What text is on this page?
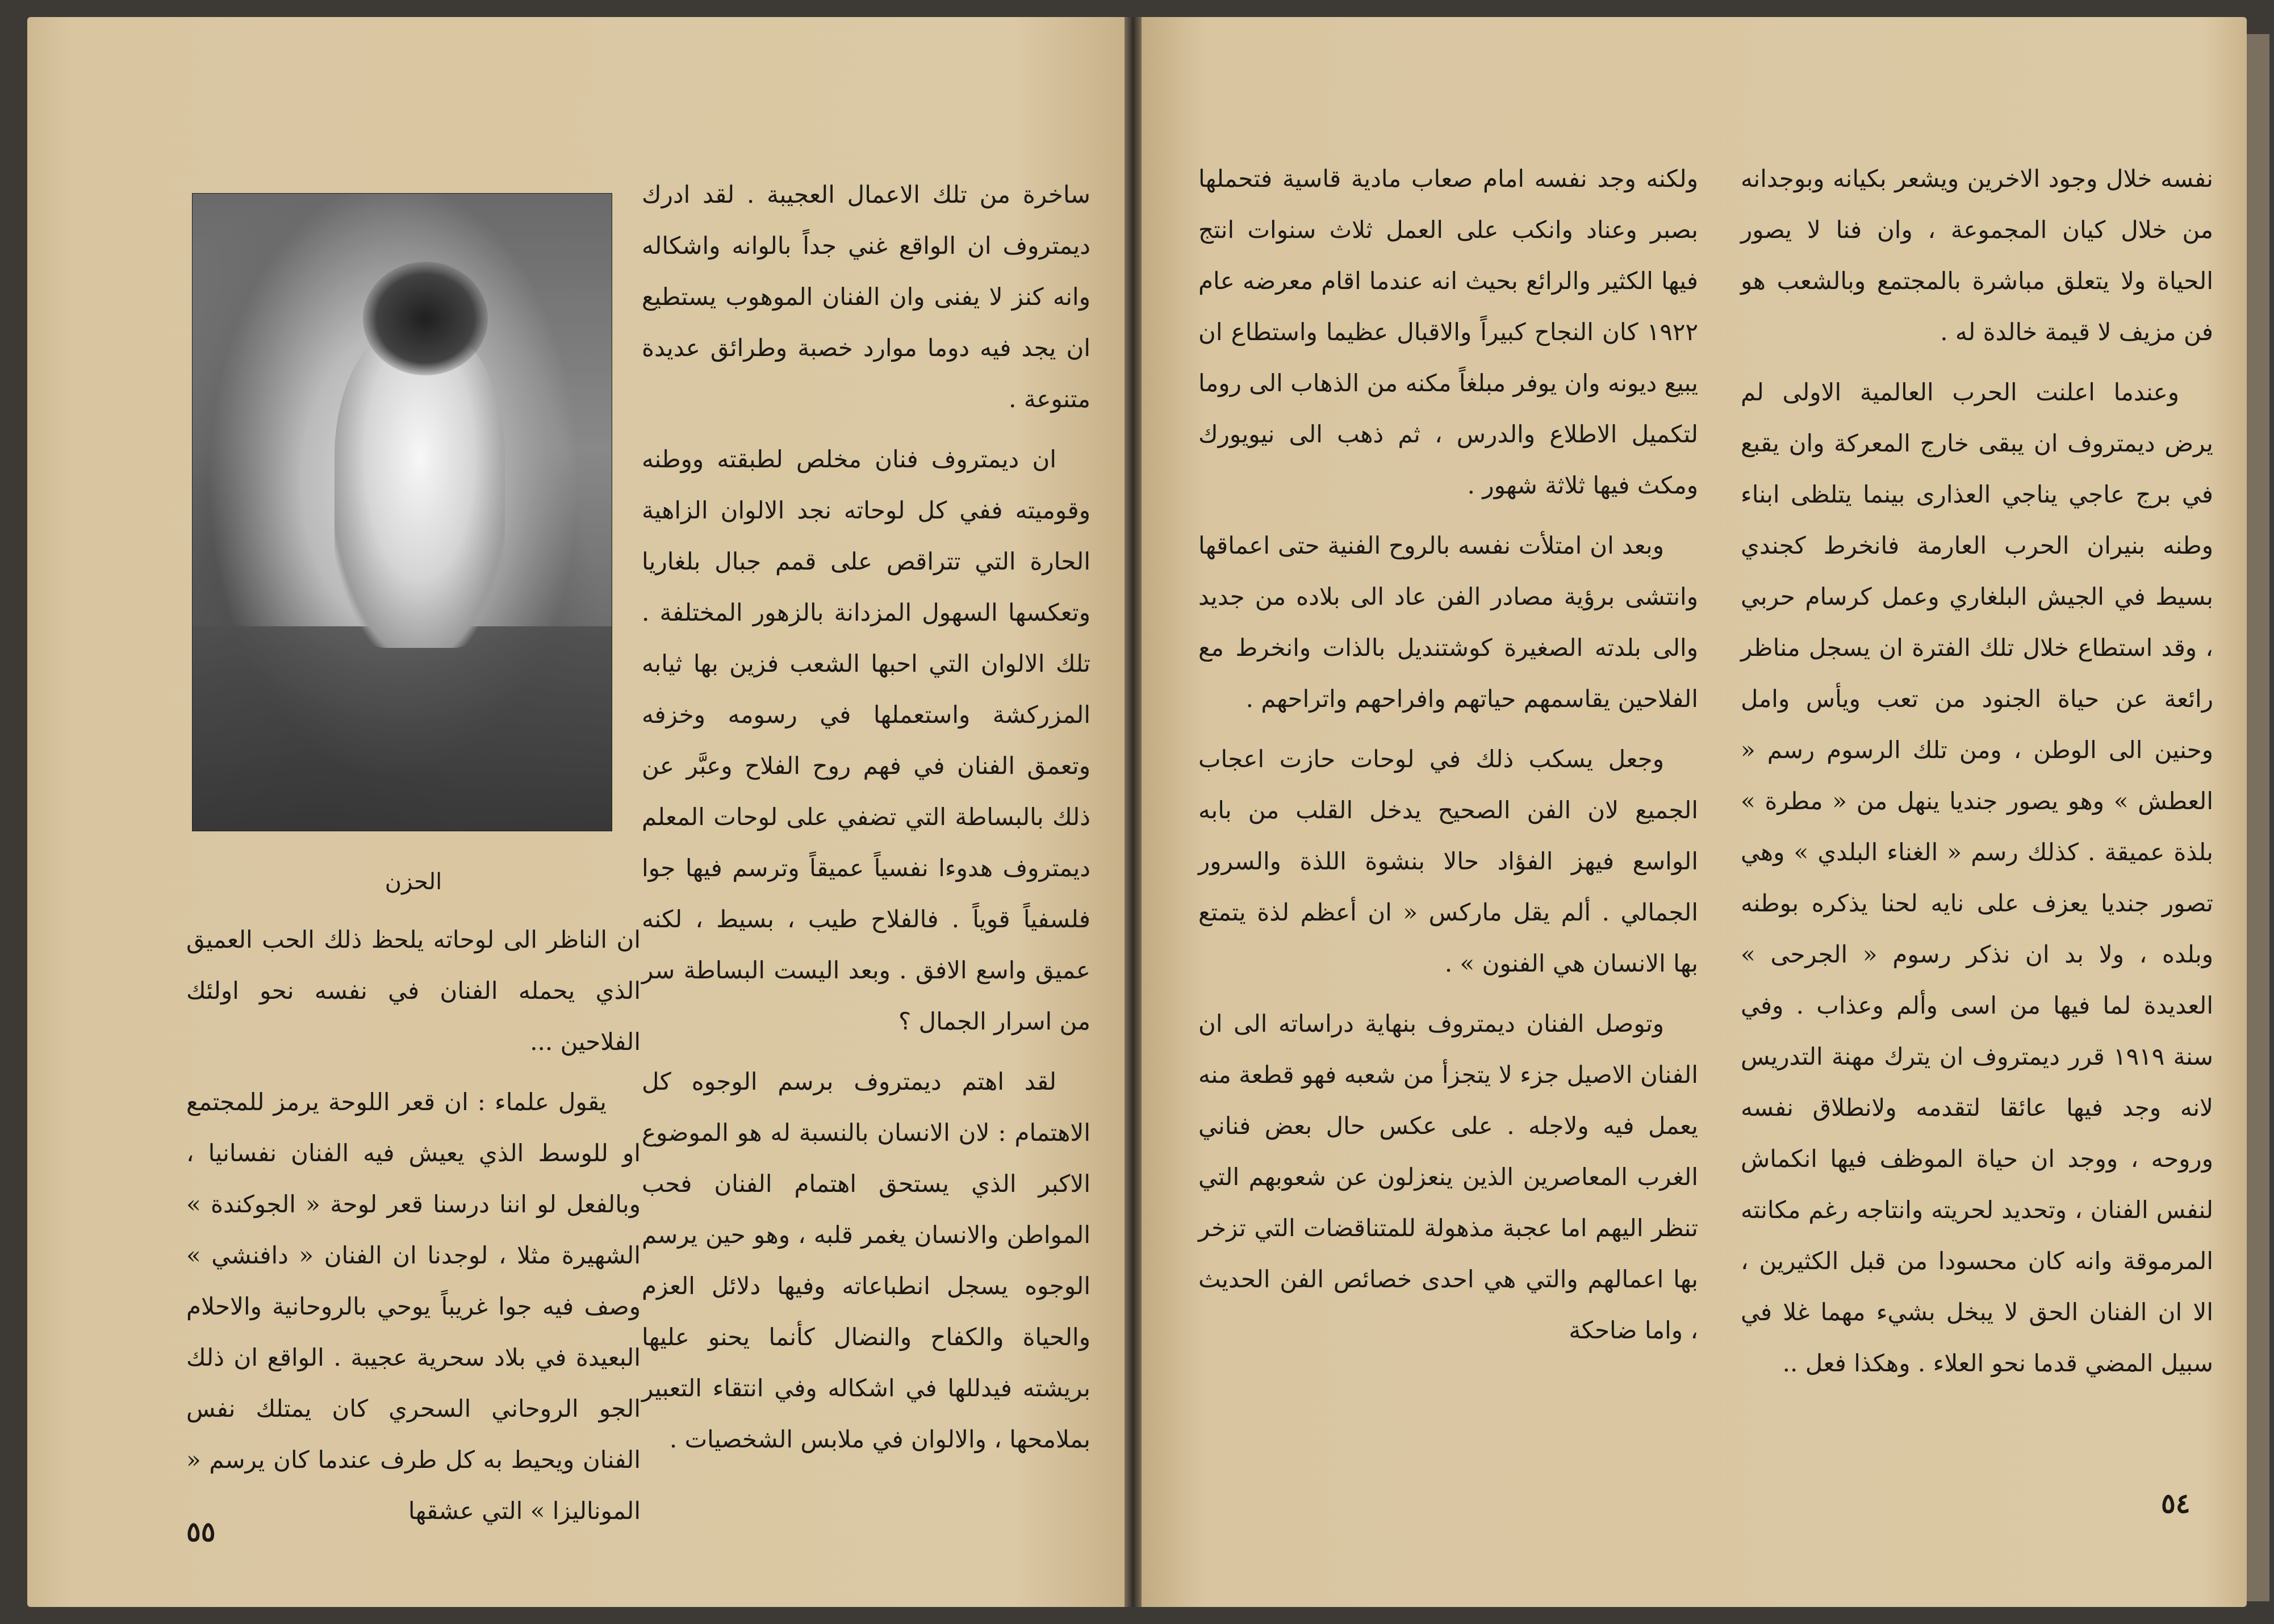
ساخرة من تلك الاعمال العجيبة . لقد ادرك ديمتروف ان الواقع غني جداً بالوانه واشكاله وانه كنز لا يفنى وان الفنان الموهوب يستطيع ان يجد فيه دوما موارد خصبة وطرائق عديدة متنوعة .

ان ديمتروف فنان مخلص لطبقته ووطنه وقوميته ففي كل لوحاته نجد الالوان الزاهية الحارة التي تتراقص على قمم جبال بلغاريا وتعكسها السهول المزدانة بالزهور المختلفة . تلك الالوان التي احبها الشعب فزين بها ثيابه المزركشة واستعملها في رسومه وخزفه وتعمق الفنان في فهم روح الفلاح وعبَّر عن ذلك بالبساطة التي تضفي على لوحات المعلم ديمتروف هدوءا نفسياً عميقاً وترسم فيها جوا فلسفياً قوياً . فالفلاح طيب ، بسيط ، لكنه عميق واسع الافق . وبعد اليست البساطة سر من اسرار الجمال ؟

لقد اهتم ديمتروف برسم الوجوه كل الاهتمام : لان الانسان بالنسبة له هو الموضوع الاكبر الذي يستحق اهتمام الفنان فحب المواطن والانسان يغمر قلبه ، وهو حين يرسم الوجوه يسجل انطباعاته وفيها دلائل العزم والحياة والكفاح والنضال كأنما يحنو عليها بريشته فيدللها في اشكاله وفي انتقاء التعبير بملامحها ، والالوان في ملابس الشخصيات .

الحزن

ان الناظر الى لوحاته يلحظ ذلك الحب العميق الذي يحمله الفنان في نفسه نحو اولئك الفلاحين ...

يقول علماء : ان قعر اللوحة يرمز للمجتمع او للوسط الذي يعيش فيه الفنان نفسانيا ، وبالفعل لو اننا درسنا قعر لوحة « الجوكندة » الشهيرة مثلا ، لوجدنا ان الفنان « دافنشي » وصف فيه جوا غريباً يوحي بالروحانية والاحلام البعيدة في بلاد سحرية عجيبة . الواقع ان ذلك الجو الروحاني السحري كان يمتلك نفس الفنان ويحيط به كل طرف عندما كان يرسم « الموناليزا » التي عشقها

٥٥

نفسه خلال وجود الاخرين ويشعر بكيانه وبوجدانه من خلال كيان المجموعة ، وان فنا لا يصور الحياة ولا يتعلق مباشرة بالمجتمع وبالشعب هو فن مزيف لا قيمة خالدة له .

وعندما اعلنت الحرب العالمية الاولى لم يرض ديمتروف ان يبقى خارج المعركة وان يقبع في برج عاجي يناجي العذارى بينما يتلظى ابناء وطنه بنيران الحرب العارمة فانخرط كجندي بسيط في الجيش البلغاري وعمل كرسام حربي ، وقد استطاع خلال تلك الفترة ان يسجل مناظر رائعة عن حياة الجنود من تعب ويأس وامل وحنين الى الوطن ، ومن تلك الرسوم رسم « العطش » وهو يصور جنديا ينهل من « مطرة » بلذة عميقة . كذلك رسم « الغناء البلدي » وهي تصور جنديا يعزف على نايه لحنا يذكره بوطنه وبلده ، ولا بد ان نذكر رسوم « الجرحى » العديدة لما فيها من اسى وألم وعذاب . وفي سنة ١٩١٩ قرر ديمتروف ان يترك مهنة التدريس لانه وجد فيها عائقا لتقدمه ولانطلاق نفسه وروحه ، ووجد ان حياة الموظف فيها انكماش لنفس الفنان ، وتحديد لحريته وانتاجه رغم مكانته المرموقة وانه كان محسودا من قبل الكثيرين ، الا ان الفنان الحق لا يبخل بشيء مهما غلا في سبيل المضي قدما نحو العلاء . وهكذا فعل ..

ولكنه وجد نفسه امام صعاب مادية قاسية فتحملها بصبر وعناد وانكب على العمل ثلاث سنوات انتج فيها الكثير والرائع بحيث انه عندما اقام معرضه عام ١٩٢٢ كان النجاح كبيراً والاقبال عظيما واستطاع ان يبيع ديونه وان يوفر مبلغاً مكنه من الذهاب الى روما لتكميل الاطلاع والدرس ، ثم ذهب الى نيويورك ومكث فيها ثلاثة شهور .

وبعد ان امتلأت نفسه بالروح الفنية حتى اعماقها وانتشى برؤية مصادر الفن عاد الى بلاده من جديد والى بلدته الصغيرة كوشتنديل بالذات وانخرط مع الفلاحين يقاسمهم حياتهم وافراحهم واتراحهم .

وجعل يسكب ذلك في لوحات حازت اعجاب الجميع لان الفن الصحيح يدخل القلب من بابه الواسع فيهز الفؤاد حالا بنشوة اللذة والسرور الجمالي . ألم يقل ماركس « ان أعظم لذة يتمتع بها الانسان هي الفنون » .

وتوصل الفنان ديمتروف بنهاية دراساته الى ان الفنان الاصيل جزء لا يتجزأ من شعبه فهو قطعة منه يعمل فيه ولاجله . على عكس حال بعض فناني الغرب المعاصرين الذين ينعزلون عن شعوبهم التي تنظر اليهم اما عجبة مذهولة للمتناقضات التي تزخر بها اعمالهم والتي هي احدى خصائص الفن الحديث ، واما ضاحكة

٥٤
